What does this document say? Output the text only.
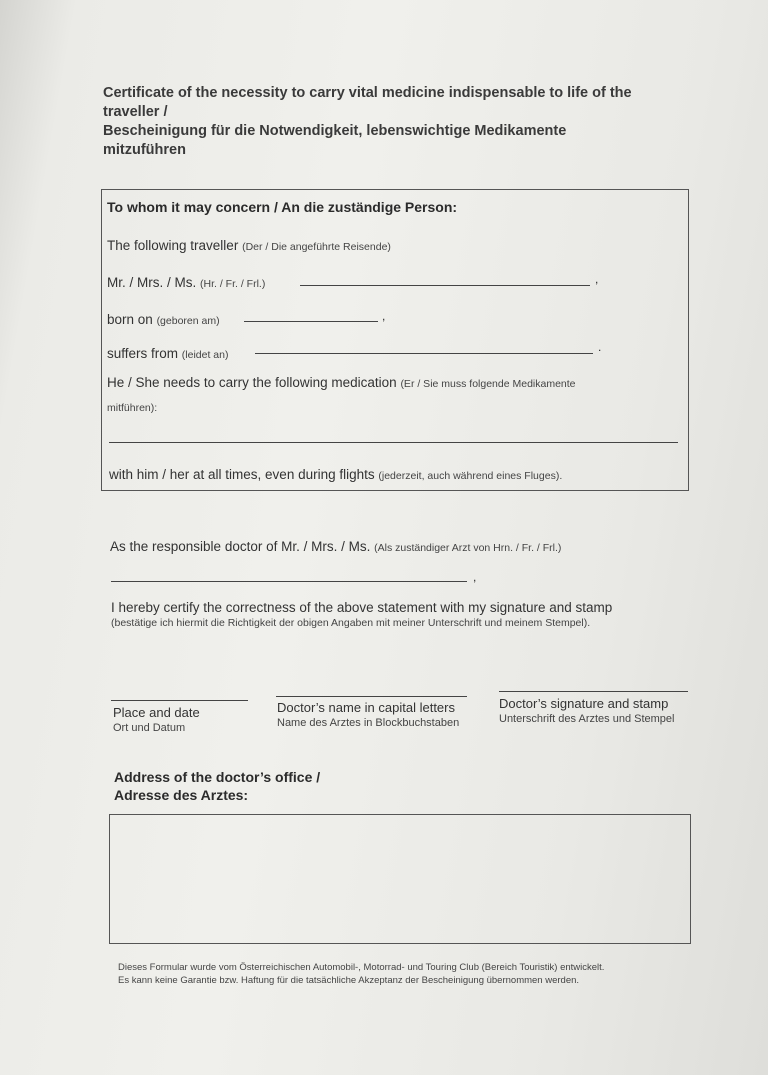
Certificate of the necessity to carry vital medicine indispensable to life of the
traveller /
Bescheinigung für die Notwendigkeit, lebenswichtige Medikamente
mitzuführen
To whom it may concern / An die zuständige Person:
The following traveller (Der / Die angeführte Reisende)
Mr. / Mrs. / Ms. (Hr. / Fr. / Frl.)	,
born on (geboren am)	,
suffers from (leidet an)
.
He / She needs to carry the following medication (Er / Sie muss folgende Medikamente
mitführen):
with him / her at all times, even during flights (jederzeit, auch während eines Fluges).
As the responsible doctor of Mr. / Mrs. / Ms. (Als zuständiger Arzt von Hrn. / Fr. / Frl.)
,
I hereby certify the correctness of the above statement with my signature and stamp
(bestätige ich hiermit die Richtigkeit der obigen Angaben mit meiner Unterschrift und meinem Stempel).
Place and date
Ort und Datum
Doctor’s name in capital letters
Name des Arztes in Blockbuchstaben
Doctor’s signature and stamp
Unterschrift des Arztes und Stempel
Address of the doctor’s office /
Adresse des Arztes:
Dieses Formular wurde vom Österreichischen Automobil-, Motorrad- und Touring Club (Bereich Touristik) entwickelt.
Es kann keine Garantie bzw. Haftung für die tatsächliche Akzeptanz der Bescheinigung übernommen werden.
